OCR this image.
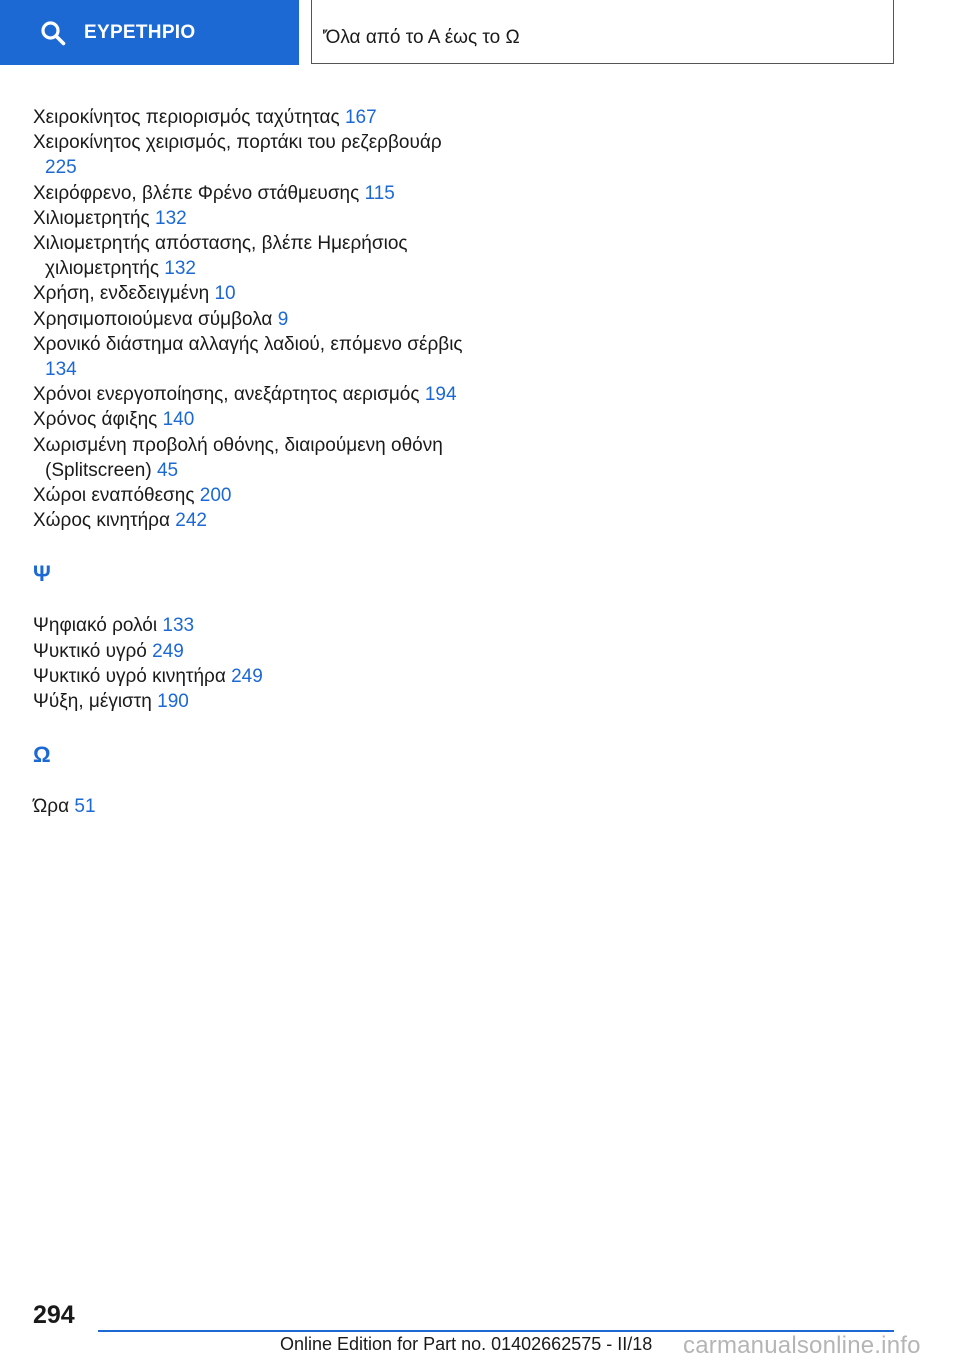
ΕΥΡΕΤΗΡΙΟ	'Όλα από το Α έως το Ω
Χειροκίνητος περιορισμός ταχύτητας 167
Χειροκίνητος χειρισμός, πορτάκι του ρεζερβουάρ 225
Χειρόφρενο, βλέπε Φρένο στάθμευσης 115
Χιλιομετρητής 132
Χιλιομετρητής απόστασης, βλέπε Ημερήσιος χιλιομετρητής 132
Χρήση, ενδεδειγμένη 10
Χρησιμοποιούμενα σύμβολα 9
Χρονικό διάστημα αλλαγής λαδιού, επόμενο σέρβις 134
Χρόνοι ενεργοποίησης, ανεξάρτητος αερισμός 194
Χρόνος άφιξης 140
Χωρισμένη προβολή οθόνης, διαιρούμενη οθόνη (Splitscreen) 45
Χώροι εναπόθεσης 200
Χώρος κινητήρα 242
Ψ
Ψηφιακό ρολόι 133
Ψυκτικό υγρό 249
Ψυκτικό υγρό κινητήρα 249
Ψύξη, μέγιστη 190
Ω
Ώρα 51
294
Online Edition for Part no. 01402662575 - II/18 carmanualsonline.info
